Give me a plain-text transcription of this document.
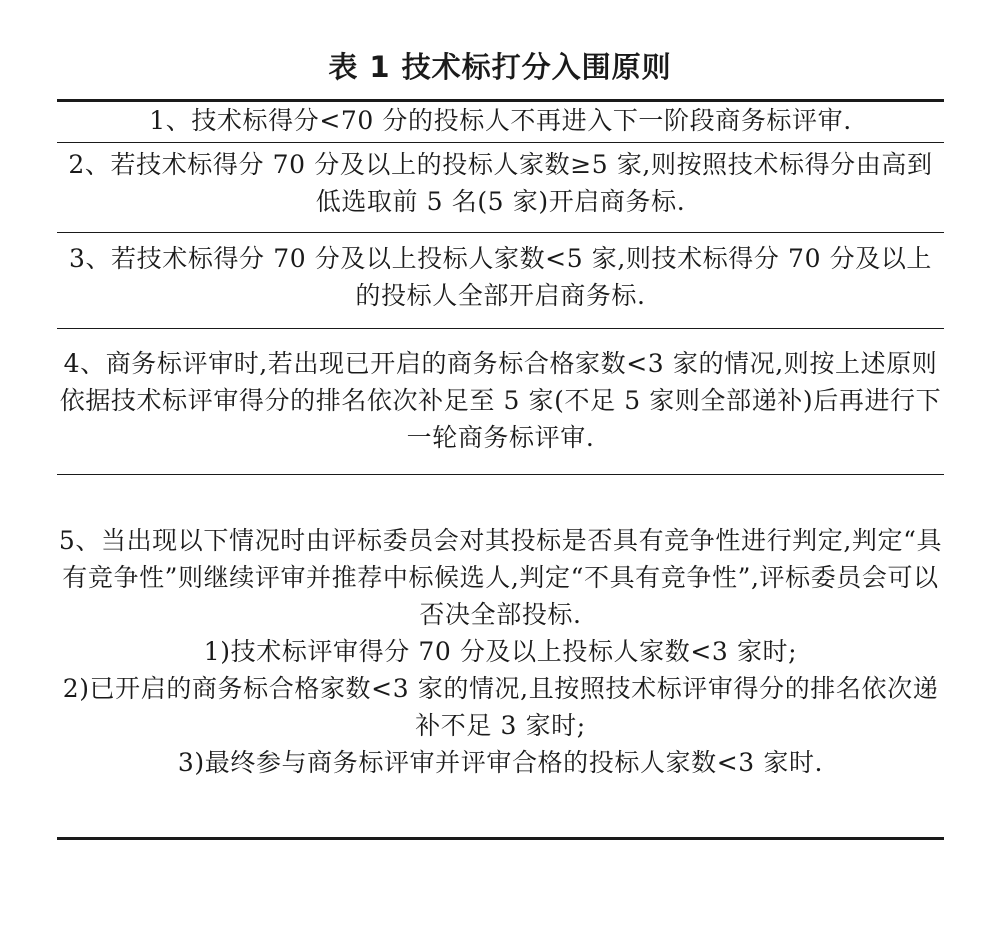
表 1 技术标打分入围原则

1、技术标得分<70 分的投标人不再进入下一阶段商务标评审.

2、若技术标得分 70 分及以上的投标人家数≥5 家,则按照技术标得分由高到低选取前 5 名(5 家)开启商务标.

3、若技术标得分 70 分及以上投标人家数<5 家,则技术标得分 70 分及以上的投标人全部开启商务标.

4、商务标评审时,若出现已开启的商务标合格家数<3 家的情况,则按上述原则依据技术标评审得分的排名依次补足至 5 家(不足 5 家则全部递补)后再进行下一轮商务标评审.

5、当出现以下情况时由评标委员会对其投标是否具有竞争性进行判定,判定“具有竞争性”则继续评审并推荐中标候选人,判定“不具有竞争性”,评标委员会可以否决全部投标.

1)技术标评审得分 70 分及以上投标人家数<3 家时;

2)已开启的商务标合格家数<3 家的情况,且按照技术标评审得分的排名依次递补不足 3 家时;

3)最终参与商务标评审并评审合格的投标人家数<3 家时.
